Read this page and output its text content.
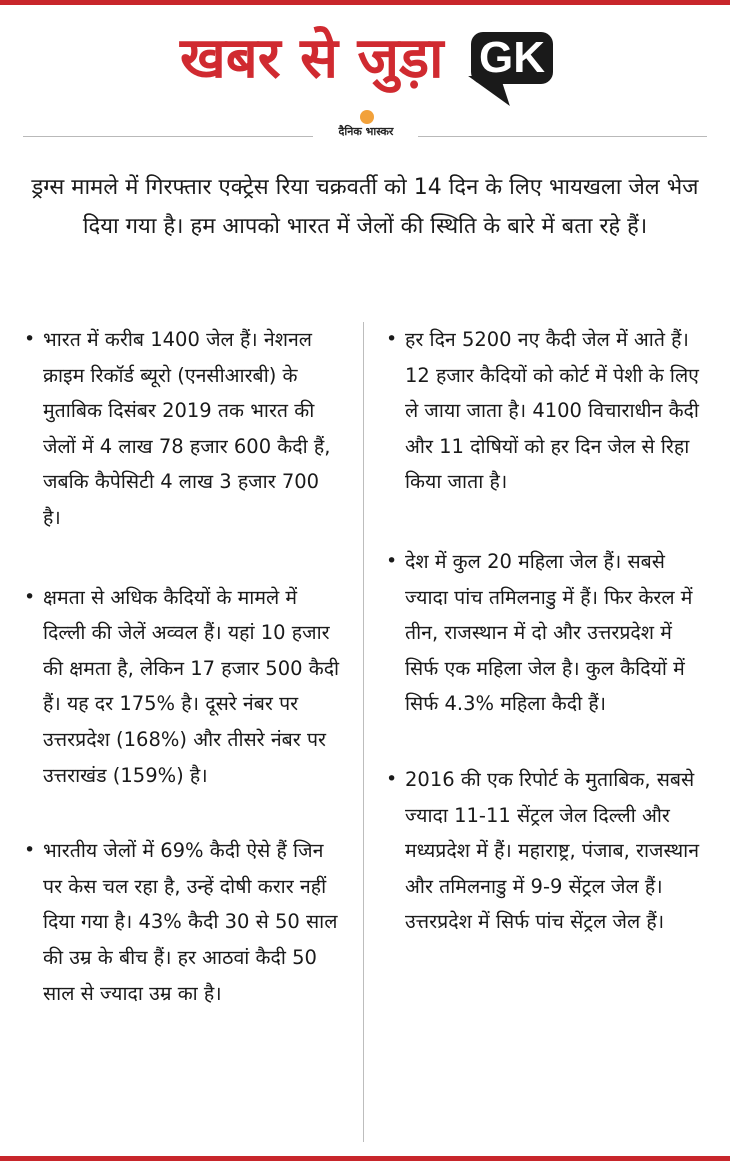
खबर से जुड़ा GK
दैनिक भास्कर
ड्रग्स मामले में गिरफ्तार एक्ट्रेस रिया चक्रवर्ती को 14 दिन के लिए भायखला जेल भेज दिया गया है। हम आपको भारत में जेलों की स्थिति के बारे में बता रहे हैं।
• भारत में करीब 1400 जेल हैं। नेशनल क्राइम रिकॉर्ड ब्यूरो (एनसीआरबी) के मुताबिक दिसंबर 2019 तक भारत की जेलों में 4 लाख 78 हजार 600 कैदी हैं, जबकि कैपेसिटी 4 लाख 3 हजार 700 है।
• क्षमता से अधिक कैदियों के मामले में दिल्ली की जेलें अव्वल हैं। यहां 10 हजार की क्षमता है, लेकिन 17 हजार 500 कैदी हैं। यह दर 175% है। दूसरे नंबर पर उत्तरप्रदेश (168%) और तीसरे नंबर पर उत्तराखंड (159%) है।
• भारतीय जेलों में 69% कैदी ऐसे हैं जिन पर केस चल रहा है, उन्हें दोषी करार नहीं दिया गया है। 43% कैदी 30 से 50 साल की उम्र के बीच हैं। हर आठवां कैदी 50 साल से ज्यादा उम्र का है।
• हर दिन 5200 नए कैदी जेल में आते हैं। 12 हजार कैदियों को कोर्ट में पेशी के लिए ले जाया जाता है। 4100 विचाराधीन कैदी और 11 दोषियों को हर दिन जेल से रिहा किया जाता है।
• देश में कुल 20 महिला जेल हैं। सबसे ज्यादा पांच तमिलनाडु में हैं। फिर केरल में तीन, राजस्थान में दो और उत्तरप्रदेश में सिर्फ एक महिला जेल है। कुल कैदियों में सिर्फ 4.3% महिला कैदी हैं।
• 2016 की एक रिपोर्ट के मुताबिक, सबसे ज्यादा 11-11 सेंट्रल जेल दिल्ली और मध्यप्रदेश में हैं। महाराष्ट्र, पंजाब, राजस्थान और तमिलनाडु में 9-9 सेंट्रल जेल हैं। उत्तरप्रदेश में सिर्फ पांच सेंट्रल जेल हैं।
